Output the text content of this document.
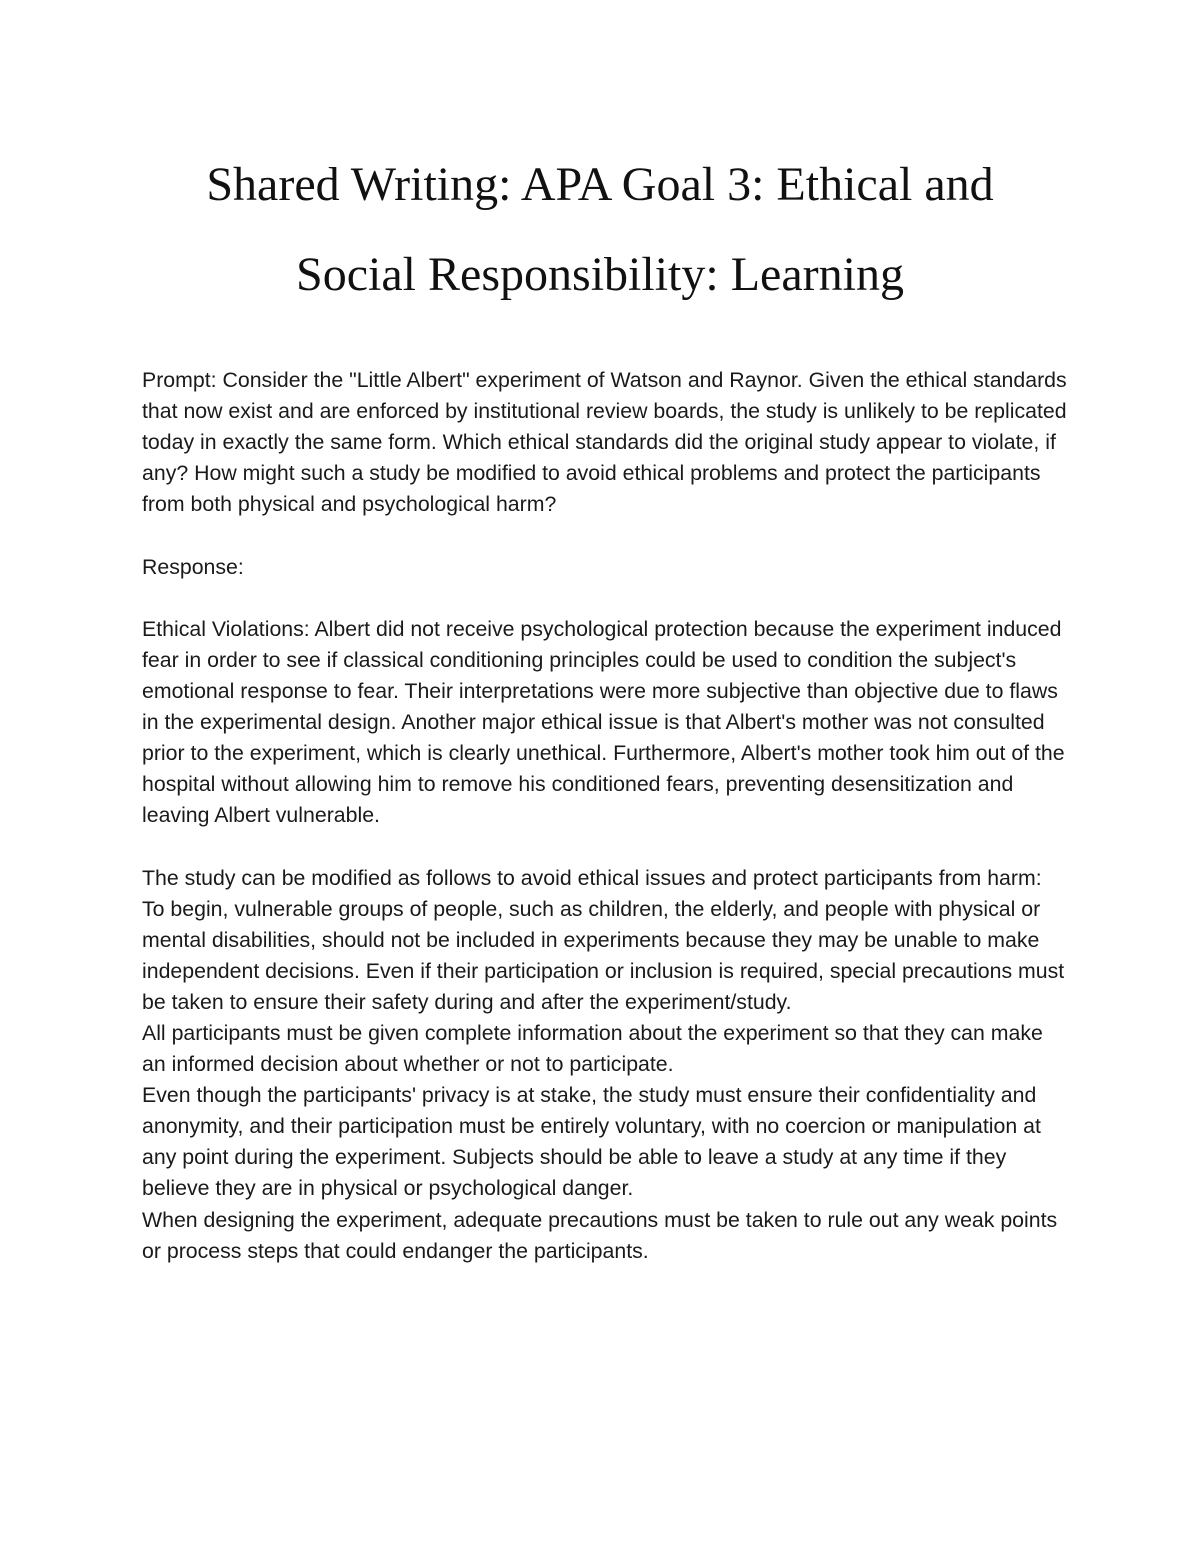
Shared Writing: APA Goal 3: Ethical and
Social Responsibility: Learning

Prompt: Consider the "Little Albert" experiment of Watson and Raynor. Given the ethical standards that now exist and are enforced by institutional review boards, the study is unlikely to be replicated today in exactly the same form. Which ethical standards did the original study appear to violate, if any? How might such a study be modified to avoid ethical problems and protect the participants from both physical and psychological harm?

Response:

Ethical Violations: Albert did not receive psychological protection because the experiment induced fear in order to see if classical conditioning principles could be used to condition the subject's emotional response to fear. Their interpretations were more subjective than objective due to flaws in the experimental design. Another major ethical issue is that Albert's mother was not consulted prior to the experiment, which is clearly unethical. Furthermore, Albert's mother took him out of the hospital without allowing him to remove his conditioned fears, preventing desensitization and leaving Albert vulnerable.

The study can be modified as follows to avoid ethical issues and protect participants from harm:

To begin, vulnerable groups of people, such as children, the elderly, and people with physical or mental disabilities, should not be included in experiments because they may be unable to make independent decisions. Even if their participation or inclusion is required, special precautions must be taken to ensure their safety during and after the experiment/study.

All participants must be given complete information about the experiment so that they can make an informed decision about whether or not to participate.

Even though the participants' privacy is at stake, the study must ensure their confidentiality and anonymity, and their participation must be entirely voluntary, with no coercion or manipulation at any point during the experiment. Subjects should be able to leave a study at any time if they believe they are in physical or psychological danger.

When designing the experiment, adequate precautions must be taken to rule out any weak points or process steps that could endanger the participants.
